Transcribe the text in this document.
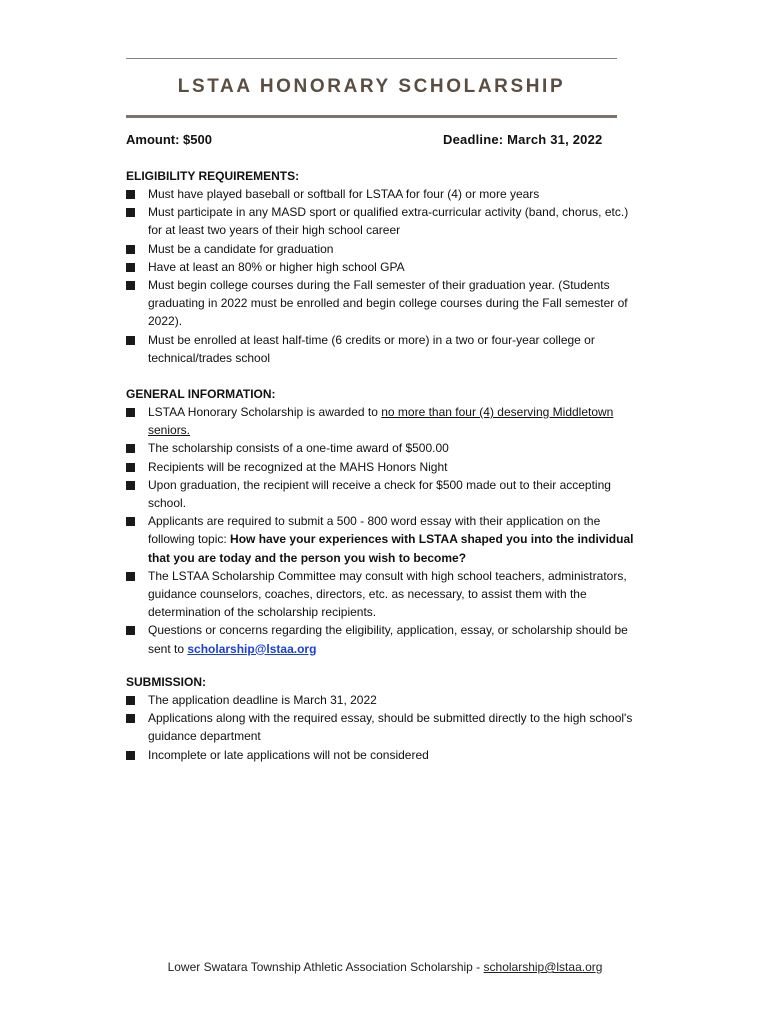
LSTAA HONORARY SCHOLARSHIP
Amount: $500	Deadline: March 31, 2022
ELIGIBILITY REQUIREMENTS:
Must have played baseball or softball for LSTAA for four (4) or more years
Must participate in any MASD sport or qualified extra-curricular activity (band, chorus, etc.) for at least two years of their high school career
Must be a candidate for graduation
Have at least an 80% or higher high school GPA
Must begin college courses during the Fall semester of their graduation year. (Students graduating in 2022 must be enrolled and begin college courses during the Fall semester of 2022).
Must be enrolled at least half-time (6 credits or more) in a two or four-year college or technical/trades school
GENERAL INFORMATION:
LSTAA Honorary Scholarship is awarded to no more than four (4) deserving Middletown seniors.
The scholarship consists of a one-time award of $500.00
Recipients will be recognized at the MAHS Honors Night
Upon graduation, the recipient will receive a check for $500 made out to their accepting school.
Applicants are required to submit a 500 - 800 word essay with their application on the following topic: How have your experiences with LSTAA shaped you into the individual that you are today and the person you wish to become?
The LSTAA Scholarship Committee may consult with high school teachers, administrators, guidance counselors, coaches, directors, etc. as necessary, to assist them with the determination of the scholarship recipients.
Questions or concerns regarding the eligibility, application, essay, or scholarship should be sent to scholarship@lstaa.org
SUBMISSION:
The application deadline is March 31, 2022
Applications along with the required essay, should be submitted directly to the high school's guidance department
Incomplete or late applications will not be considered
Lower Swatara Township Athletic Association Scholarship - scholarship@lstaa.org
